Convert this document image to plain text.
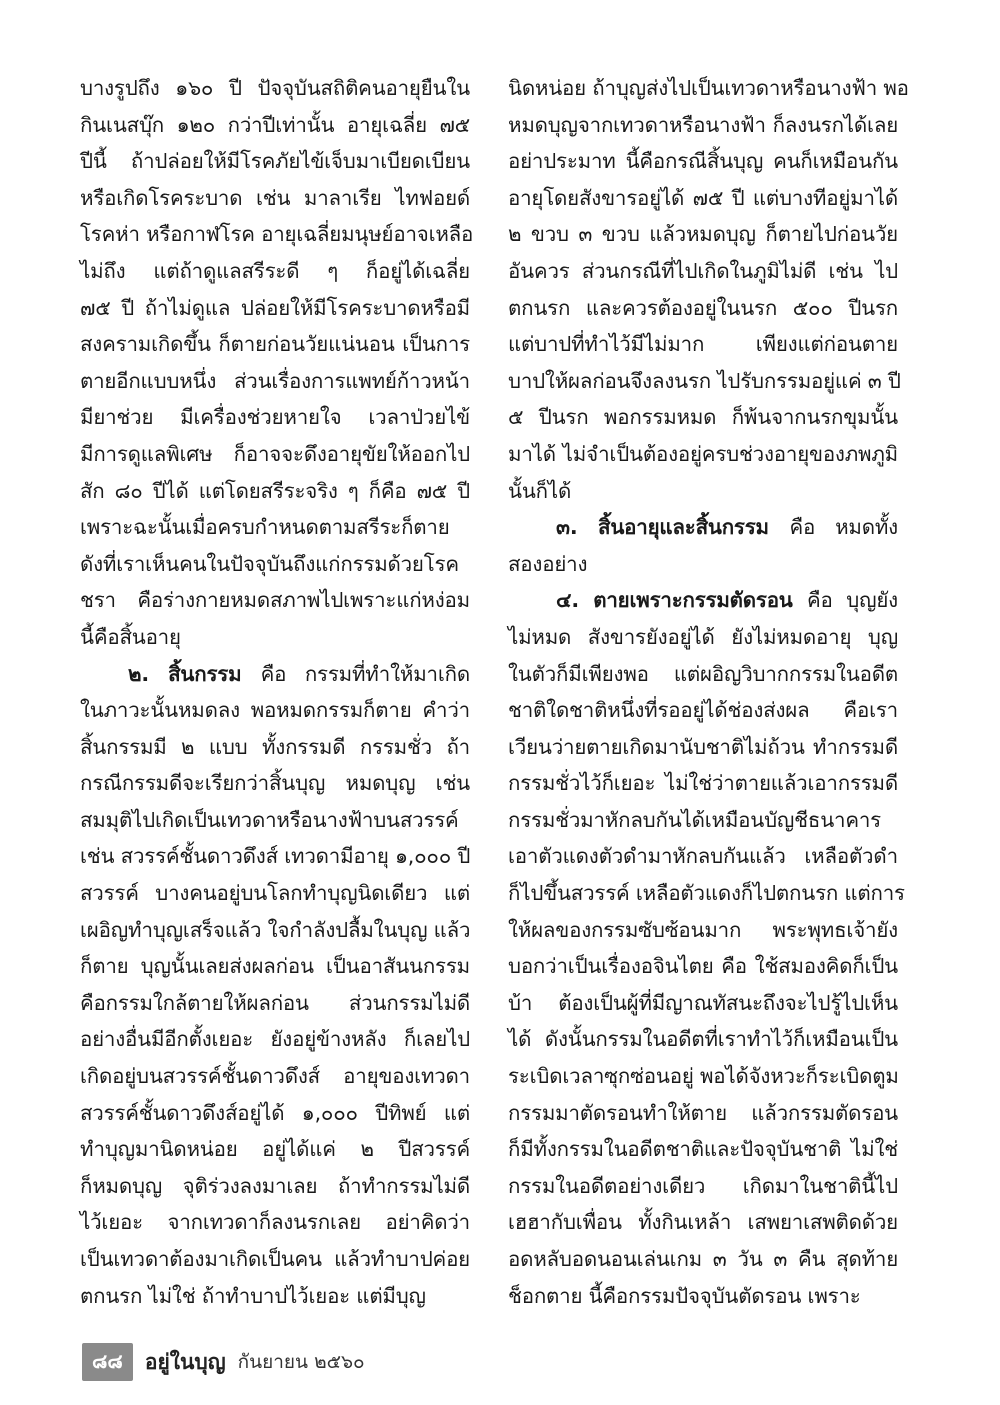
บางรูปถึง ๑๖๐ ปี ปัจจุบันสถิติคนอายุยืนใน
กินเนสบุ๊ก ๑๒๐ กว่าปีเท่านั้น อายุเฉลี่ย ๗๕
ปีนี้ ถ้าปล่อยให้มีโรคภัยไข้เจ็บมาเบียดเบียน
หรือเกิดโรคระบาด เช่น มาลาเรีย ไทฟอยด์
โรคห่า หรือกาฬโรค อายุเฉลี่ยมนุษย์อาจเหลือ
ไม่ถึง แต่ถ้าดูแลสรีระดี ๆ ก็อยู่ได้เฉลี่ย
๗๕ ปี ถ้าไม่ดูแล ปล่อยให้มีโรคระบาดหรือมี
สงครามเกิดขึ้น ก็ตายก่อนวัยแน่นอน เป็นการ
ตายอีกแบบหนึ่ง ส่วนเรื่องการแพทย์ก้าวหน้า
มียาช่วย มีเครื่องช่วยหายใจ เวลาป่วยไข้
มีการดูแลพิเศษ ก็อาจจะดึงอายุขัยให้ออกไป
สัก ๘๐ ปีได้ แต่โดยสรีระจริง ๆ ก็คือ ๗๕ ปี
เพราะฉะนั้นเมื่อครบกำหนดตามสรีระก็ตาย
ดังที่เราเห็นคนในปัจจุบันถึงแก่กรรมด้วยโรค
ชรา คือร่างกายหมดสภาพไปเพราะแก่หง่อม
นี้คือสิ้นอายุ
๒. สิ้นกรรม คือ กรรมที่ทำให้มาเกิด
ในภาวะนั้นหมดลง พอหมดกรรมก็ตาย คำว่า
สิ้นกรรมมี ๒ แบบ ทั้งกรรมดี กรรมชั่ว ถ้า
กรณีกรรมดีจะเรียกว่าสิ้นบุญ หมดบุญ เช่น
สมมุติไปเกิดเป็นเทวดาหรือนางฟ้าบนสวรรค์
เช่น สวรรค์ชั้นดาวดึงส์ เทวดามีอายุ ๑,๐๐๐ ปี
สวรรค์ บางคนอยู่บนโลกทำบุญนิดเดียว แต่
เผอิญทำบุญเสร็จแล้ว ใจกำลังปลื้มในบุญ แล้ว
ก็ตาย บุญนั้นเลยส่งผลก่อน เป็นอาสันนกรรม
คือกรรมใกล้ตายให้ผลก่อน ส่วนกรรมไม่ดี
อย่างอื่นมีอีกตั้งเยอะ ยังอยู่ข้างหลัง ก็เลยไป
เกิดอยู่บนสวรรค์ชั้นดาวดึงส์ อายุของเทวดา
สวรรค์ชั้นดาวดึงส์อยู่ได้ ๑,๐๐๐ ปีทิพย์ แต่
ทำบุญมานิดหน่อย อยู่ได้แค่ ๒ ปีสวรรค์
ก็หมดบุญ จุติร่วงลงมาเลย ถ้าทำกรรมไม่ดี
ไว้เยอะ จากเทวดาก็ลงนรกเลย อย่าคิดว่า
เป็นเทวดาต้องมาเกิดเป็นคน แล้วทำบาปค่อย
ตกนรก ไม่ใช่ ถ้าทำบาปไว้เยอะ แต่มีบุญ
นิดหน่อย ถ้าบุญส่งไปเป็นเทวดาหรือนางฟ้า พอ
หมดบุญจากเทวดาหรือนางฟ้า ก็ลงนรกได้เลย
อย่าประมาท นี้คือกรณีสิ้นบุญ คนก็เหมือนกัน
อายุโดยสังขารอยู่ได้ ๗๕ ปี แต่บางทีอยู่มาได้
๒ ขวบ ๓ ขวบ แล้วหมดบุญ ก็ตายไปก่อนวัย
อันควร ส่วนกรณีที่ไปเกิดในภูมิไม่ดี เช่น ไป
ตกนรก และควรต้องอยู่ในนรก ๕๐๐ ปีนรก
แต่บาปที่ทำไว้มีไม่มาก เพียงแต่ก่อนตาย
บาปให้ผลก่อนจึงลงนรก ไปรับกรรมอยู่แค่ ๓ ปี
๕ ปีนรก พอกรรมหมด ก็พ้นจากนรกขุมนั้น
มาได้ ไม่จำเป็นต้องอยู่ครบช่วงอายุของภพภูมิ
นั้นก็ได้
๓. สิ้นอายุและสิ้นกรรม คือ หมดทั้ง
สองอย่าง
๔. ตายเพราะกรรมตัดรอน คือ บุญยัง
ไม่หมด สังขารยังอยู่ได้ ยังไม่หมดอายุ บุญ
ในตัวก็มีเพียงพอ แต่ผอิญวิบากกรรมในอดีต
ชาติใดชาติหนึ่งที่รออยู่ได้ช่องส่งผล คือเรา
เวียนว่ายตายเกิดมานับชาติไม่ถ้วน ทำกรรมดี
กรรมชั่วไว้ก็เยอะ ไม่ใช่ว่าตายแล้วเอากรรมดี
กรรมชั่วมาหักลบกันได้เหมือนบัญชีธนาคาร
เอาตัวแดงตัวดำมาหักลบกันแล้ว เหลือตัวดำ
ก็ไปขึ้นสวรรค์ เหลือตัวแดงก็ไปตกนรก แต่การ
ให้ผลของกรรมซับซ้อนมาก พระพุทธเจ้ายัง
บอกว่าเป็นเรื่องอจินไตย คือ ใช้สมองคิดก็เป็น
บ้า ต้องเป็นผู้ที่มีญาณทัสนะถึงจะไปรู้ไปเห็น
ได้ ดังนั้นกรรมในอดีตที่เราทำไว้ก็เหมือนเป็น
ระเบิดเวลาซุกซ่อนอยู่ พอได้จังหวะก็ระเบิดตูม
กรรมมาตัดรอนทำให้ตาย แล้วกรรมตัดรอน
ก็มีทั้งกรรมในอดีตชาติและปัจจุบันชาติ ไม่ใช่
กรรมในอดีตอย่างเดียว เกิดมาในชาตินี้ไป
เฮฮากับเพื่อน ทั้งกินเหล้า เสพยาเสพติดด้วย
อดหลับอดนอนเล่นเกม ๓ วัน ๓ คืน สุดท้าย
ช็อกตาย นี้คือกรรมปัจจุบันตัดรอน เพราะ
๘๘	อยู่ในบุญ กันยายน ๒๕๖๐
